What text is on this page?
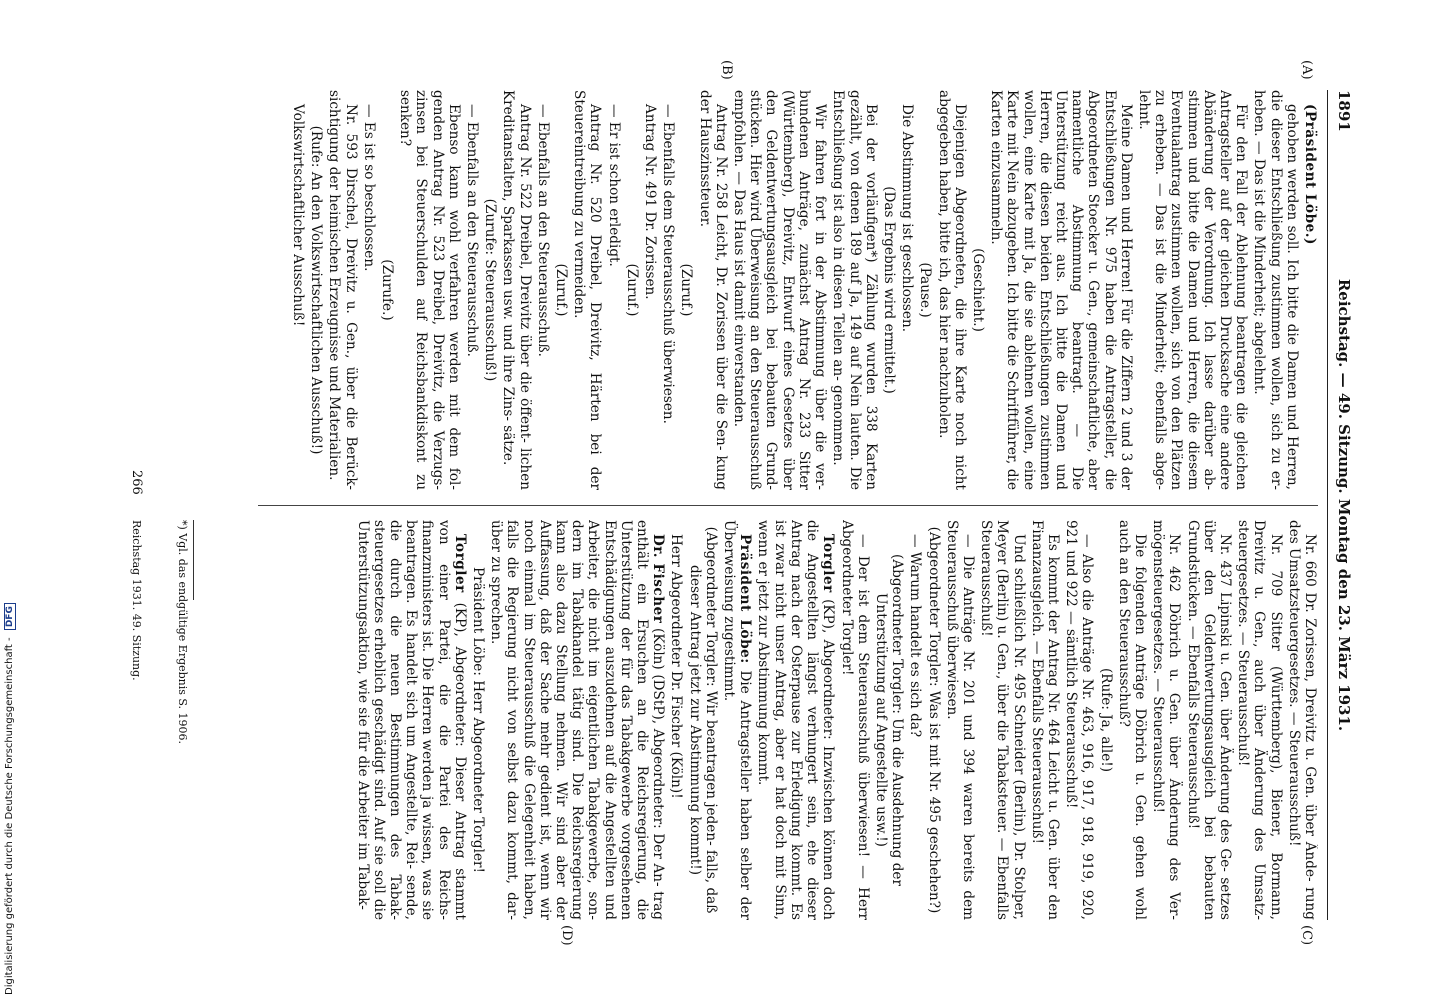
1891
Reichstag. — 49. Sitzung. Montag den 23. März 1931.

(Präsident Löbe.)

gehoben werden soll. Ich bitte die Damen und Herren, die dieser Entschließung zustimmen wollen, sich zu er- heben. — Das ist die Minderheit; abgelehnt.

Für den Fall der Ablehnung beantragen die gleichen Antragsteller auf der gleichen Drucksache eine andere Abänderung der Verordnung. Ich lasse darüber ab- stimmen und bitte die Damen und Herren, die diesem Eventualantrag zustimmen wollen, sich von den Plätzen zu erheben. — Das ist die Minderheit; ebenfalls abge- lehnt.

Meine Damen und Herren! Für die Ziffern 2 und 3 der Entschließungen Nr. 975 haben die Antragsteller, die Abgeordneten Stoecker u. Gen., gemeinschaftliche, aber namentliche Abstimmung beantragt. — Die Unterstützung reicht aus. Ich bitte die Damen und Herren, die diesen beiden Entschließungen zustimmen wollen, eine Karte mit Ja, die sie ablehnen wollen, eine Karte mit Nein abzugeben. Ich bitte die Schriftführer, die Karten einzusammeln.

(Geschieht.)

Diejenigen Abgeordneten, die ihre Karte noch nicht abgegeben haben, bitte ich, das hier nachzuholen.

(Pause.)

Die Abstimmung ist geschlossen.

(Das Ergebnis wird ermittelt.)

Bei der vorläufigen*) Zählung wurden 338 Karten gezählt, von denen 189 auf Ja, 149 auf Nein lauten. Die Entschließung ist also in diesen Teilen an- genommen.

Wir fahren fort in der Abstimmung über die ver- bundenen Anträge, zunächst Antrag Nr. 233 Sitter (Württemberg), Dreivitz, Entwurf eines Gesetzes über den Geldentwertungsausgleich bei bebauten Grund- stücken. Hier wird Überweisung an den Steuerausschuß empfohlen. — Das Haus ist damit einverstanden.

Antrag Nr. 258 Leicht, Dr. Zorissen über die Sen- kung der Hauszinssteuer.

(Zuruf.)

— Ebenfalls dem Steuerausschuß überwiesen.

Antrag Nr. 491 Dr. Zorissen.

(Zuruf.)

— Er ist schon erledigt.

Antrag Nr. 520 Dreibel, Dreivitz, Härten bei der Steuereintreibung zu vermeiden.

(Zuruf.)

— Ebenfalls an den Steuerausschuß.

Antrag Nr. 522 Dreibel, Dreivitz über die öffent- lichen Kreditanstalten, Sparkassen usw. und ihre Zins- sätze.

(Zurufe: Steuerausschuß!)

— Ebenfalls an den Steuerausschuß.

Ebenso kann wohl verfahren werden mit dem fol- genden Antrag Nr. 523 Dreibel, Dreivitz, die Verzugs- zinsen bei Steuerschulden auf Reichsbankdiskont zu senken?

(Zurufe.)

— Es ist so beschlossen.

Nr. 593 Dirschel, Dreivitz u. Gen., über die Berück- sichtigung der heimischen Erzeugnisse und Materialien.

(Rufe: An den Volkswirtschaftlichen Ausschuß!)

Volkswirtschaftlicher Ausschuß!

Nr. 660 Dr. Zorissen, Dreivitz u. Gen. über Ände- rung des Umsatzsteuergesetzes. — Steuerausschuß!

Nr. 709 Sitter (Württemberg), Biener, Bormann, Dreivitz u. Gen., auch über Änderung des Umsatz- steuergesetzes. — Steuerausschuß!

Nr. 437 Lipinski u. Gen. über Änderung des Ge- setzes über den Geldentwertungsausgleich bei bebauten Grundstücken. — Ebenfalls Steuerausschuß!

Nr. 462 Döbrich u. Gen. über Änderung des Ver- mögensteuergesetzes. — Steuerausschuß!

Die folgenden Anträge Döbrich u. Gen. gehen wohl auch an den Steuerausschuß?

(Rufe: Ja, alle!)

— Also die Anträge Nr. 463, 916, 917, 918, 919, 920, 921 und 922 — sämtlich Steuerausschuß!

Es kommt der Antrag Nr. 464 Leicht u. Gen. über den Finanzausgleich. — Ebenfalls Steuerausschuß!

Und schließlich Nr. 495 Schneider (Berlin), Dr. Stolper, Meyer (Berlin) u. Gen., über die Tabaksteuer. — Ebenfalls Steuerausschuß!

— Die Anträge Nr. 201 und 394 waren bereits dem Steuerausschuß überwiesen.

(Abgeordneter Torgler: Was ist mit Nr. 495 geschehen?)

— Warum handelt es sich da?

(Abgeordneter Torgler: Um die Ausdehnung der Unterstützung auf Angestellte usw.!)

— Der ist dem Steuerausschuß überwiesen! — Herr Abgeordneter Torgler!

Torgler (KP), Abgeordneter: Inzwischen können doch die Angestellten längst verhungert sein, ehe dieser Antrag nach der Osterpause zur Erledigung kommt. Es ist zwar nicht unser Antrag, aber er hat doch mit Sinn, wenn er jetzt zur Abstimmung kommt.

Präsident Löbe: Die Antragsteller haben selber der Überweisung zugestimmt.

(Abgeordneter Torgler: Wir beantragen jeden- falls, daß dieser Antrag jetzt zur Abstimmung kommt!)

Herr Abgeordneter Dr. Fischer (Köln)!

Dr. Fischer (Köln) (DStP), Abgeordneter: Der An- trag enthält ein Ersuchen an die Reichsregierung, die Unterstützung der für das Tabakgewerbe vorgesehenen Entschädigungen auszudehnen auf die Angestellten und Arbeiter, die nicht im eigentlichen Tabakgewerbe, son- dern im Tabakhandel tätig sind. Die Reichsregierung kann also dazu Stellung nehmen. Wir sind aber der Auffassung, daß der Sache mehr gedient ist, wenn wir noch einmal im Steuerausschuß die Gelegenheit haben, falls die Regierung nicht von selbst dazu kommt, dar- über zu sprechen.

Präsident Löbe: Herr Abgeordneter Torgler!

Torgler (KP), Abgeordneter: Dieser Antrag stammt von einer Partei, die die Partei des Reichs- finanzministers ist. Die Herren werden ja wissen, was sie beantragen. Es handelt sich um Angestellte, Rei- sende, die durch die neuen Bestimmungen des Tabak- steuergesetzes erheblich geschädigt sind. Auf sie soll die Unterstützungsaktion, wie sie für die Arbeiter im Tabak-

(C)
(D)
(A)
(B)
*) Vgl. das endgültige Ergebnis S. 1906.
Reichstag 1931. 49. Sitzung.
266
Digitalisierung gefördert durch die Deutsche Forschungsgemeinschaft - DFG
